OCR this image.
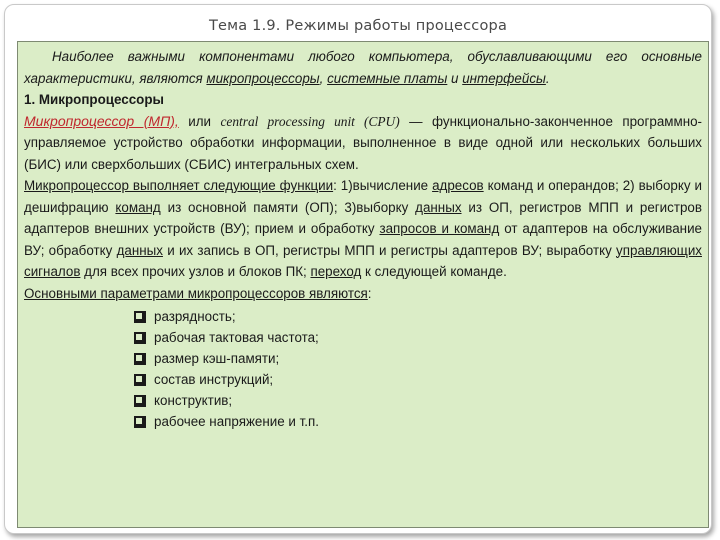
Тема 1.9. Режимы работы процессора

Наиболее важными компонентами любого компьютера, обуславливающими его основные характеристики, являются микропроцессоры, системные платы и интерфейсы.

1. Микропроцессоры

Микропроцессор (МП), или central processing unit (CPU) — функционально-законченное программно-управляемое устройство обработки информации, выполненное в виде одной или нескольких больших (БИС) или сверхбольших (СБИС) интегральных схем.

Микропроцессор выполняет следующие функции: 1)вычисление адресов команд и операндов; 2) выборку и дешифрацию команд из основной памяти (ОП); 3)выборку данных из ОП, регистров МПП и регистров адаптеров внешних устройств (ВУ); прием и обработку запросов и команд от адаптеров на обслуживание ВУ; обработку данных и их запись в ОП, регистры МПП и регистры адаптеров ВУ; выработку управляющих сигналов для всех прочих узлов и блоков ПК; переход к следующей команде.

Основными параметрами микропроцессоров являются:

разрядность;
рабочая тактовая частота;
размер кэш-памяти;
состав инструкций;
конструктив;
рабочее напряжение и т.п.
